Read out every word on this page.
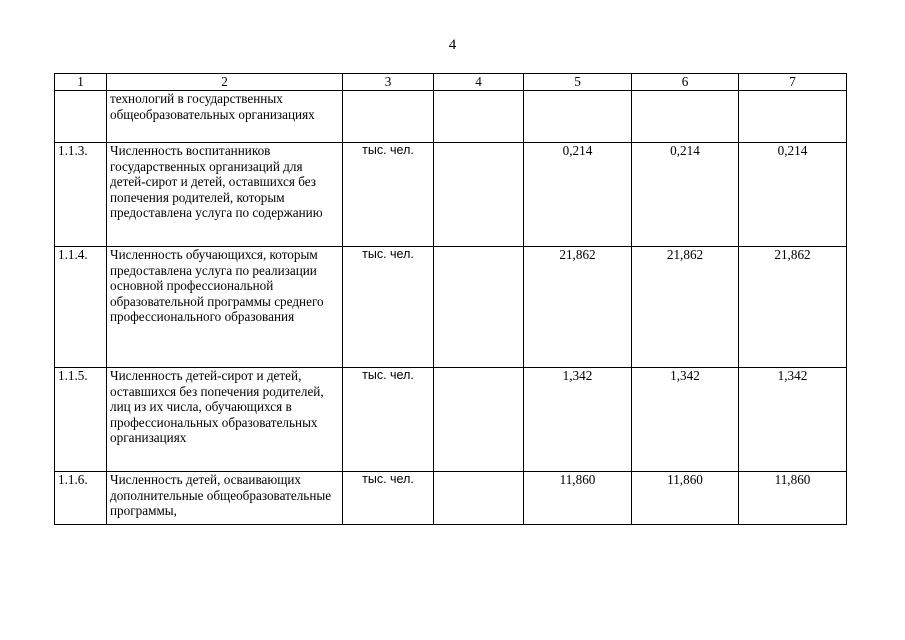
4
1	2	3	4	5	6	7
	технологий в государственных общеобразовательных организациях					
1.1.3.	Численность воспитанников государственных организаций для детей-сирот и детей, оставшихся без попечения родителей, которым предоставлена услуга по содержанию	тыс. чел.		0,214	0,214	0,214
1.1.4.	Численность обучающихся, которым предоставлена услуга по реализации основной профессиональной образовательной программы среднего профессионального образования	тыс. чел.		21,862	21,862	21,862
1.1.5.	Численность детей-сирот и детей, оставшихся без попечения родителей, лиц из их числа, обучающихся в профессиональных образовательных организациях	тыс. чел.		1,342	1,342	1,342
1.1.6.	Численность детей, осваивающих дополнительные общеобразовательные программы,	тыс. чел.		11,860	11,860	11,860
